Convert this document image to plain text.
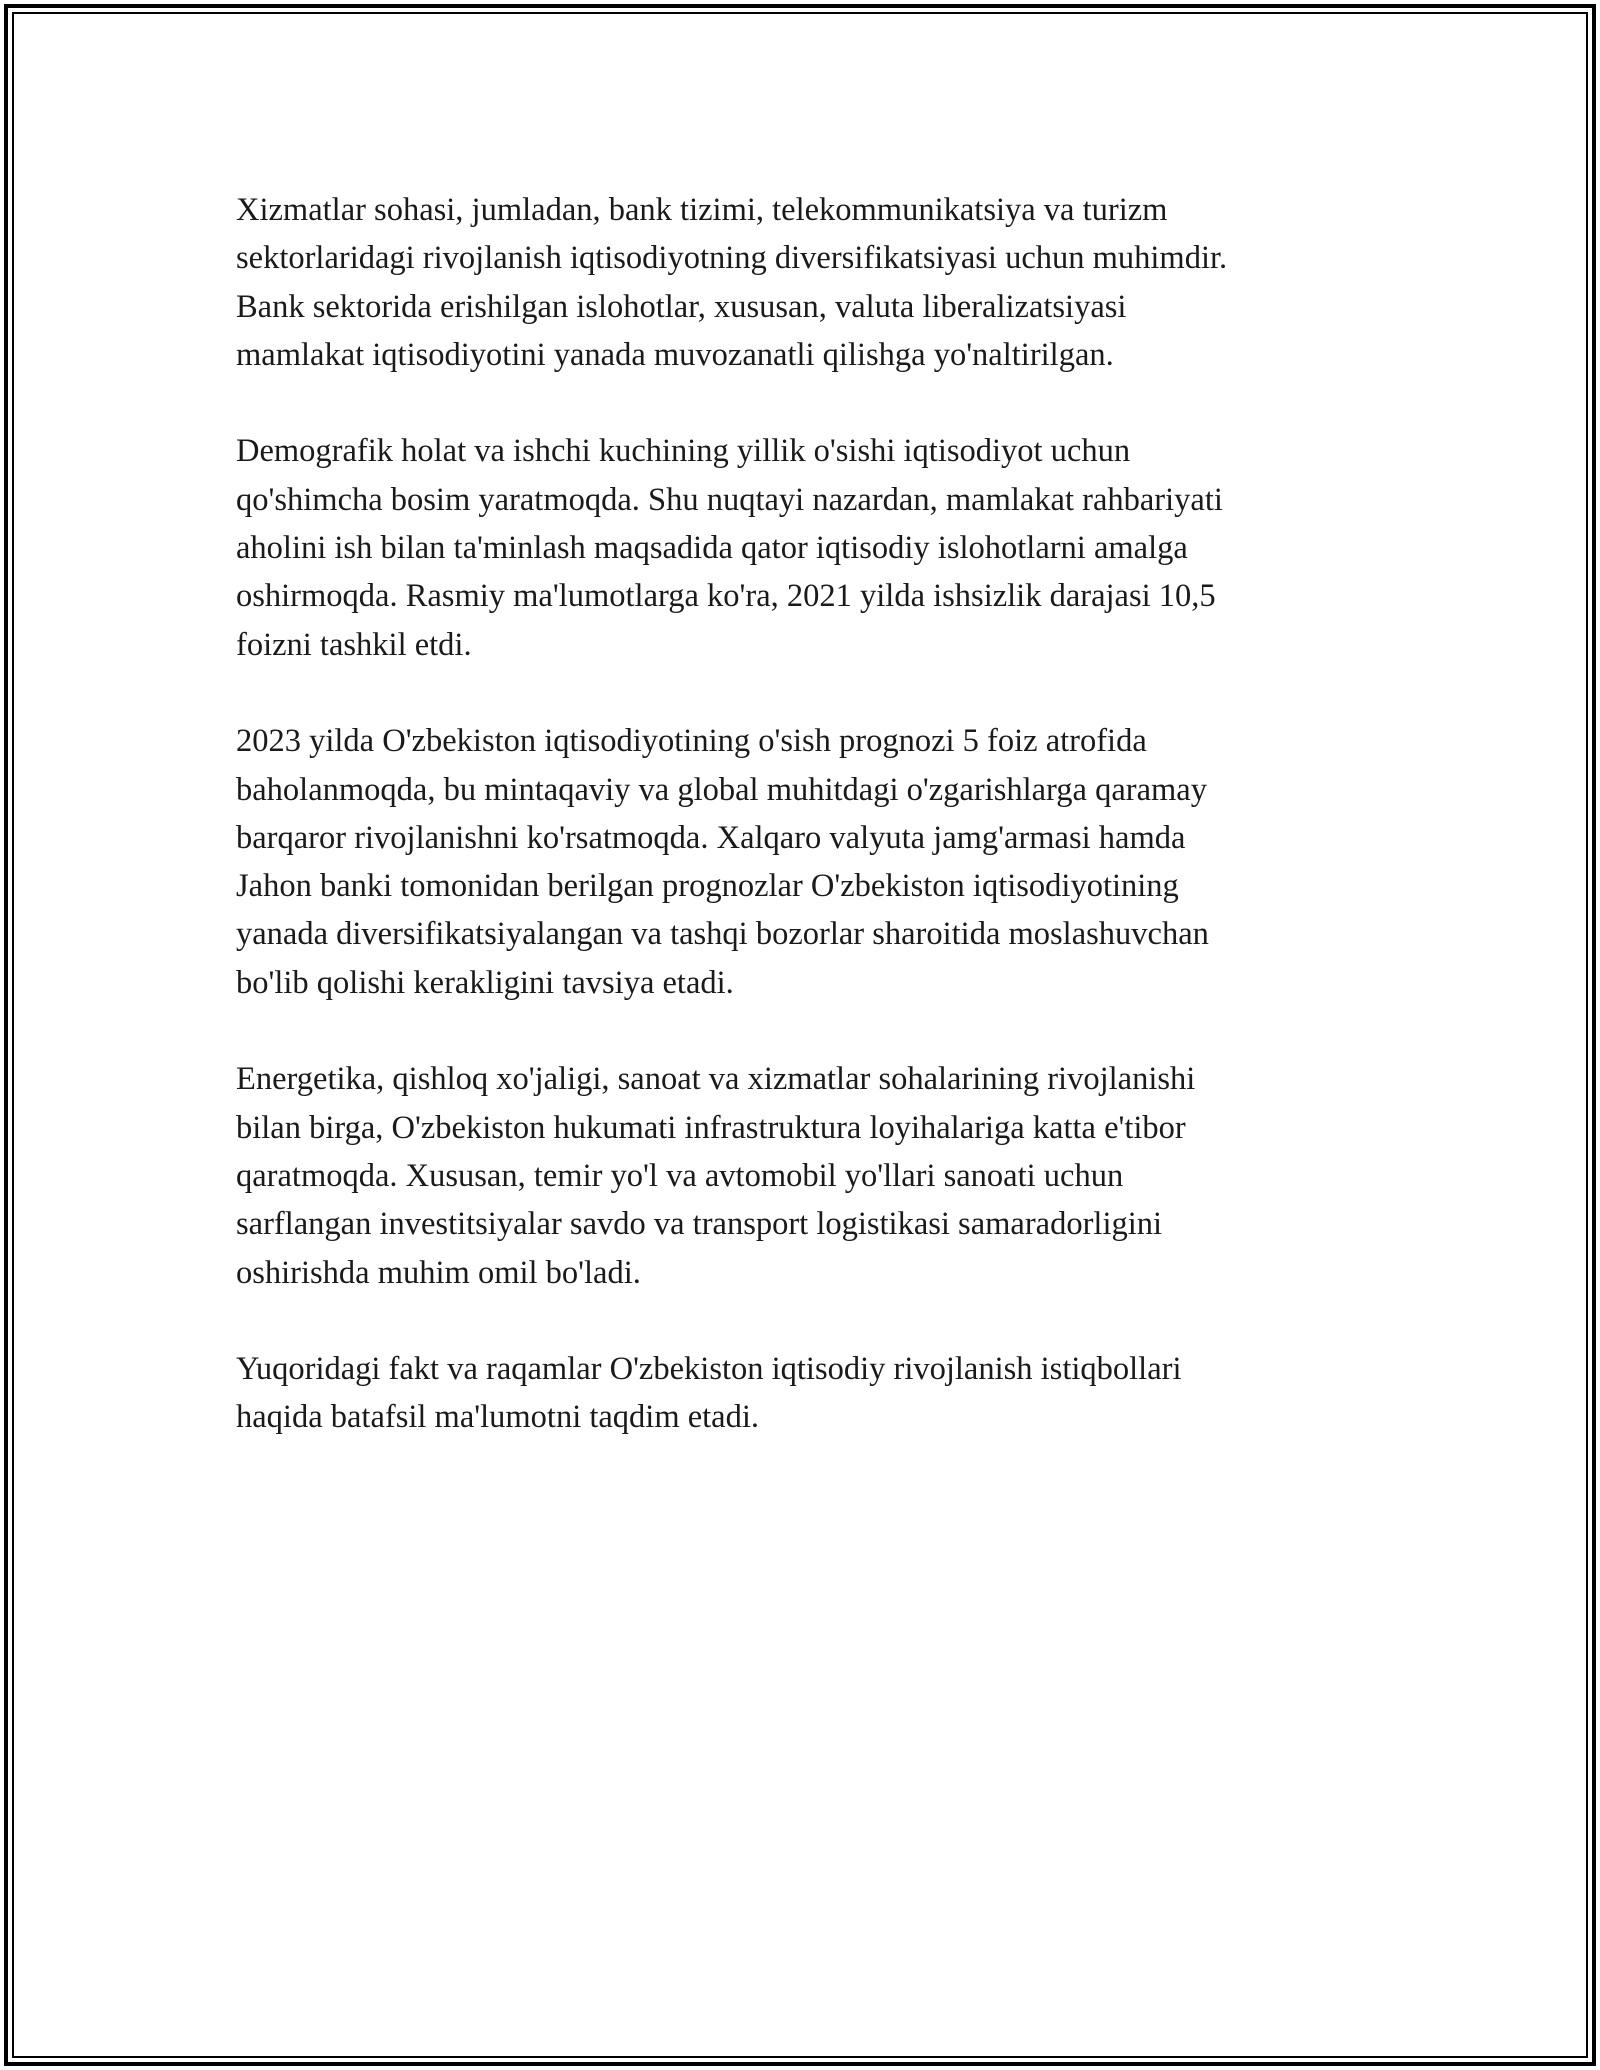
Xizmatlar sohasi, jumladan, bank tizimi, telekommunikatsiya va turizm
sektorlaridagi rivojlanish iqtisodiyotning diversifikatsiyasi uchun muhimdir.
Bank sektorida erishilgan islohotlar, xususan, valuta liberalizatsiyasi
mamlakat iqtisodiyotini yanada muvozanatli qilishga yo'naltirilgan.

Demografik holat va ishchi kuchining yillik o'sishi iqtisodiyot uchun
qo'shimcha bosim yaratmoqda. Shu nuqtayi nazardan, mamlakat rahbariyati
aholini ish bilan ta'minlash maqsadida qator iqtisodiy islohotlarni amalga
oshirmoqda. Rasmiy ma'lumotlarga ko'ra, 2021 yilda ishsizlik darajasi 10,5
foizni tashkil etdi.

2023 yilda O'zbekiston iqtisodiyotining o'sish prognozi 5 foiz atrofida
baholanmoqda, bu mintaqaviy va global muhitdagi o'zgarishlarga qaramay
barqaror rivojlanishni ko'rsatmoqda. Xalqaro valyuta jamg'armasi hamda
Jahon banki tomonidan berilgan prognozlar O'zbekiston iqtisodiyotining
yanada diversifikatsiyalangan va tashqi bozorlar sharoitida moslashuvchan
bo'lib qolishi kerakligini tavsiya etadi.

Energetika, qishloq xo'jaligi, sanoat va xizmatlar sohalarining rivojlanishi
bilan birga, O'zbekiston hukumati infrastruktura loyihalariga katta e'tibor
qaratmoqda. Xususan, temir yo'l va avtomobil yo'llari sanoati uchun
sarflangan investitsiyalar savdo va transport logistikasi samaradorligini
oshirishda muhim omil bo'ladi.

Yuqoridagi fakt va raqamlar O'zbekiston iqtisodiy rivojlanish istiqbollari
haqida batafsil ma'lumotni taqdim etadi.
